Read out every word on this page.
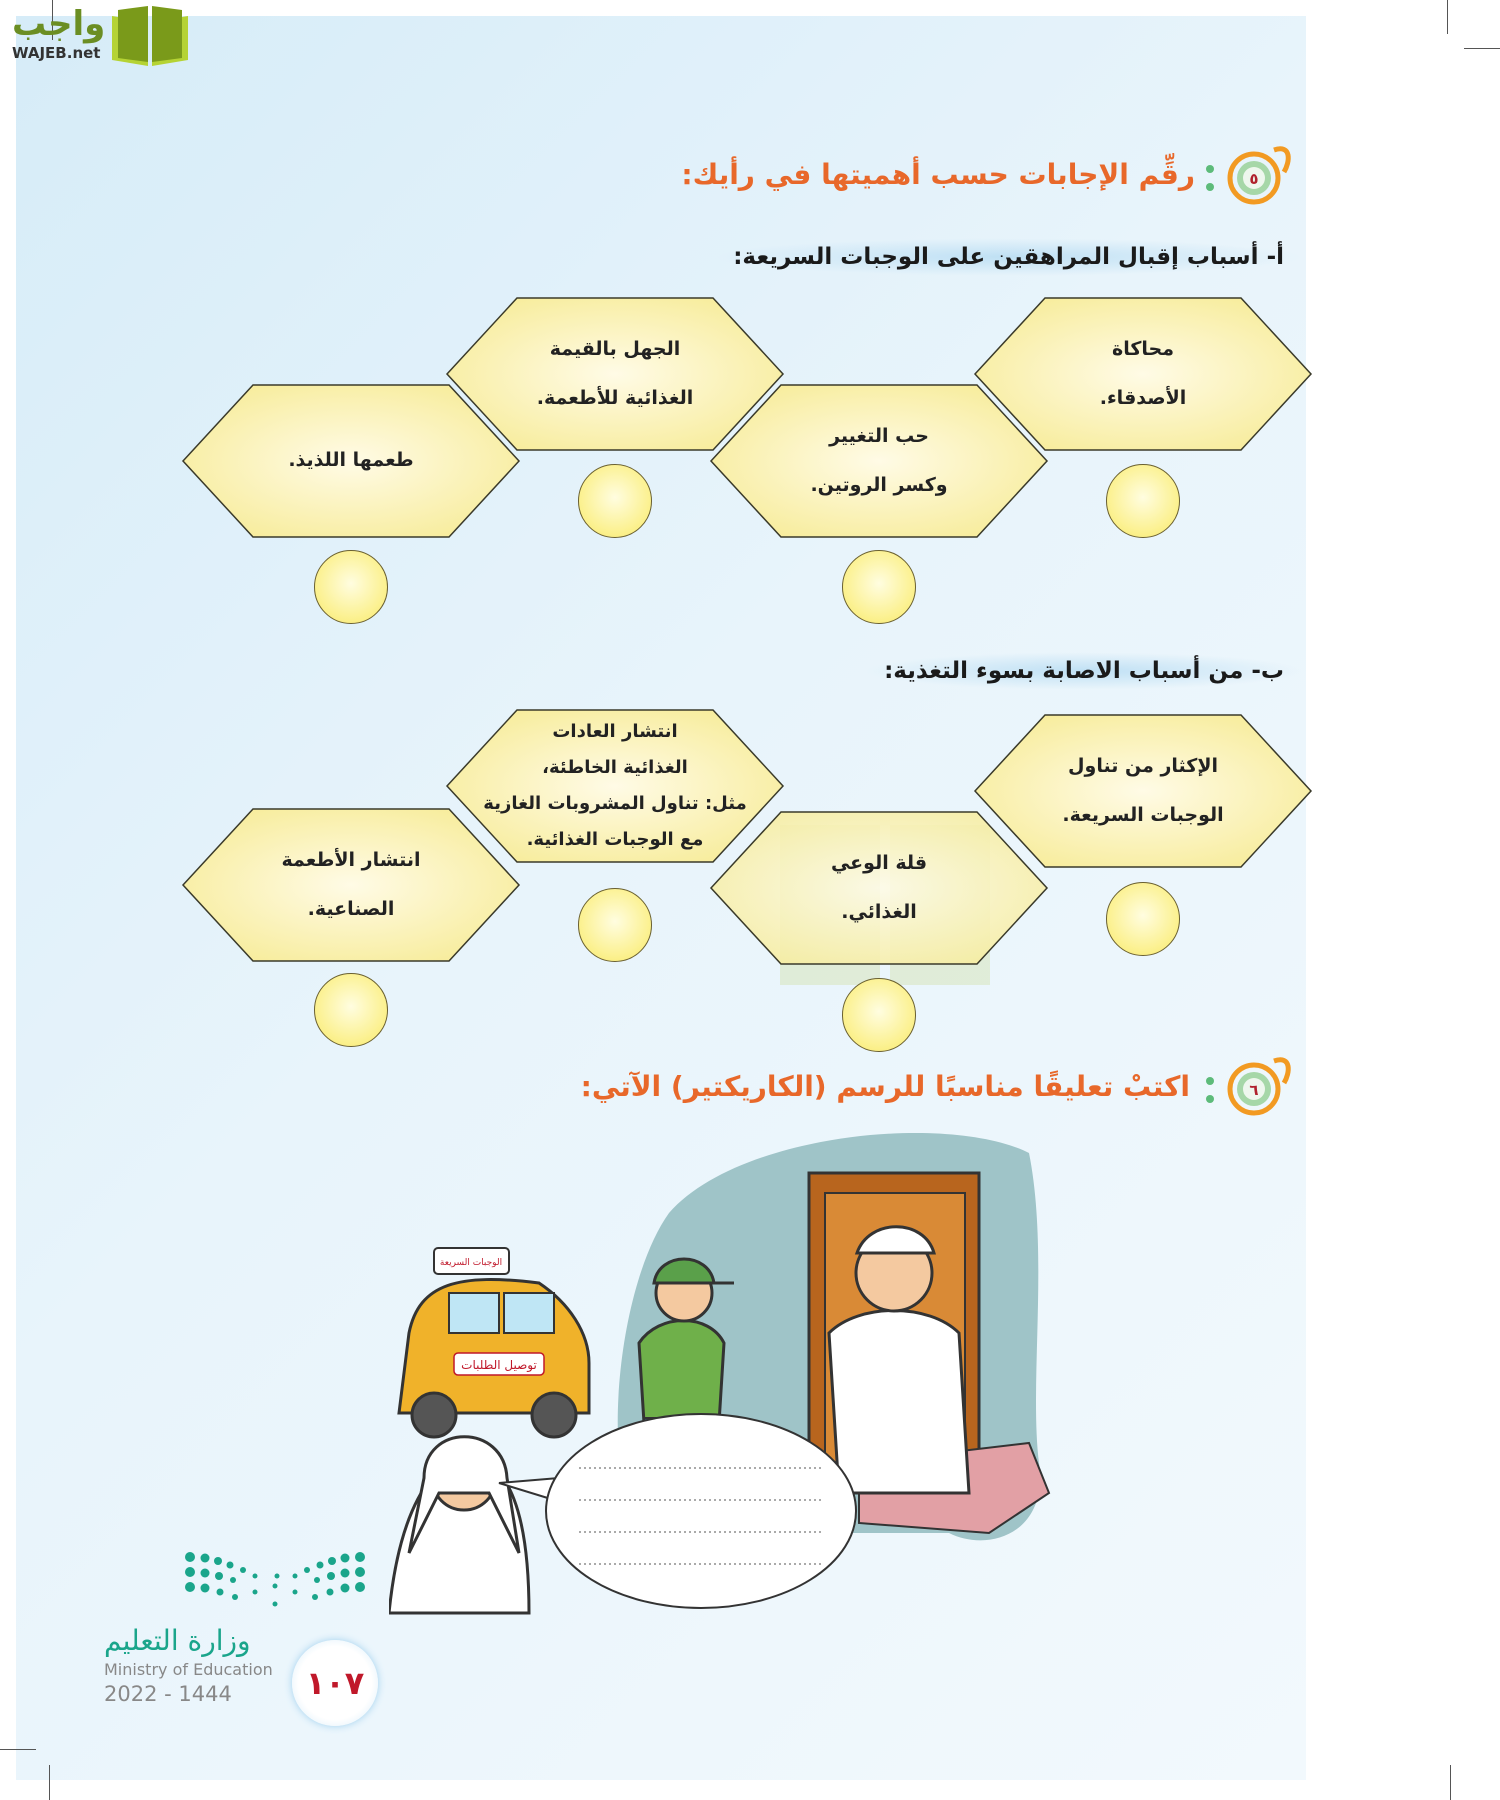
واجب
WAJEB.net
٥
رقِّم الإجابات حسب أهميتها في رأيك:
أ- أسباب إقبال المراهقين على الوجبات السريعة:
محاكاة
الأصدقاء.
حب التغيير
وكسر الروتين.
الجهل بالقيمة
الغذائية للأطعمة.
طعمها اللذيذ.
ب- من أسباب الاصابة بسوء التغذية:
الإكثار من تناول
الوجبات السريعة.
قلة الوعي
الغذائي.
انتشار العادات
الغذائية الخاطئة،
مثل: تناول المشروبات الغازية
مع الوجبات الغذائية.
انتشار الأطعمة
الصناعية.
٦
اكتبْ تعليقًا مناسبًا للرسم (الكاريكتير) الآتي:
الوجبات السريعة
توصيل الطلبات
وزارة التعليم
Ministry of Education
2022 - 1444	١٠٧
